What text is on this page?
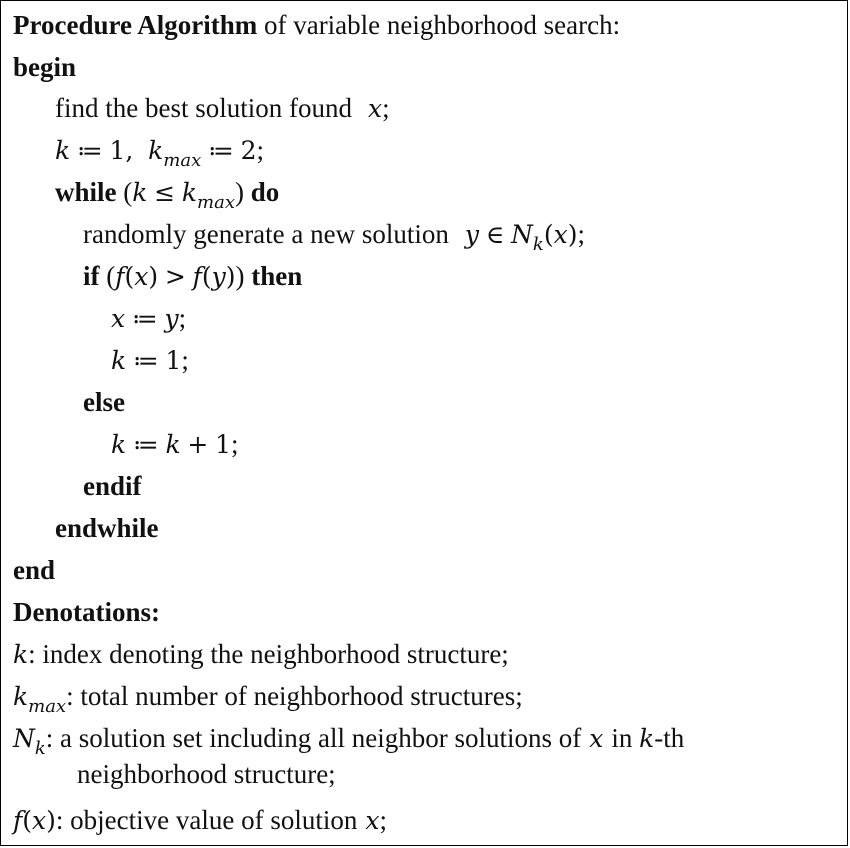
Procedure Algorithm of variable neighborhood search:
begin
find the best solution found x;
k ≔ 1, $k_{max}$ ≔ 2;
while $(k \le k_{max})$ do
randomly generate a new solution y ∈ $N_k(x)$;
if (f(x) > f(y)) then
x ≔ y;
k ≔ 1;
else
k ≔ k + 1;
endif
endwhile
end
Denotations:
k: index denoting the neighborhood structure;
$k_{max}$: total number of neighborhood structures;
$N_k$: a solution set including all neighbor solutions of x in k-th
neighborhood structure;
f(x): objective value of solution x;
